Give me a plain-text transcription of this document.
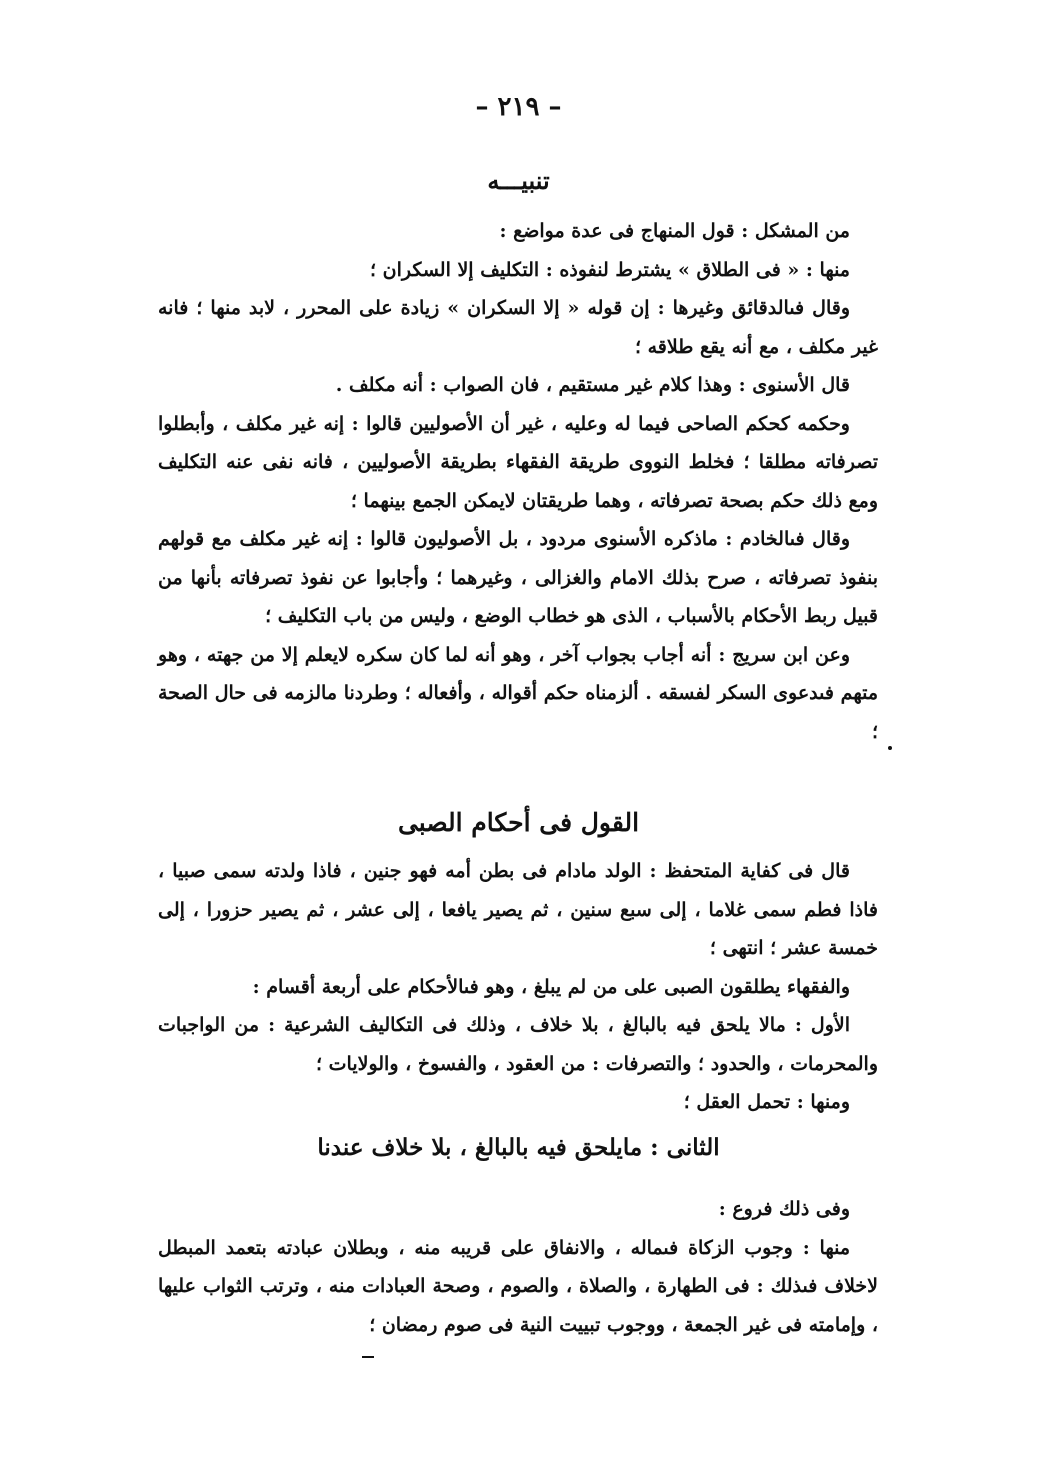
– ٢١٩ –
تنبيـــه

من المشكل : قول المنهاج فى عدة مواضع :

منها : « فى الطلاق » يشترط لنفوذه : التكليف إلا السكران ؛

وقال فىالدقائق وغيرها : إن قوله « إلا السكران » زيادة على المحرر ، لابد منها ؛ فانه غير مكلف ، مع أنه يقع طلاقه ؛

قال الأسنوى : وهذا كلام غير مستقيم ، فان الصواب : أنه مكلف .

وحكمه كحكم الصاحى فيما له وعليه ، غير أن الأصوليين قالوا : إنه غير مكلف ، وأبطلوا تصرفاته مطلقا ؛ فخلط النووى طريقة الفقهاء بطريقة الأصوليين ، فانه نفى عنه التكليف ومع ذلك حكم بصحة تصرفاته ، وهما طريقتان لايمكن الجمع بينهما ؛

وقال فىالخادم : ماذكره الأسنوى مردود ، بل الأصوليون قالوا : إنه غير مكلف مع قولهم بنفوذ تصرفاته ، صرح بذلك الامام والغزالى ، وغيرهما ؛ وأجابوا عن نفوذ تصرفاته بأنها من قبيل ربط الأحكام بالأسباب ، الذى هو خطاب الوضع ، وليس من باب التكليف ؛

وعن ابن سريج : أنه أجاب بجواب آخر ، وهو أنه لما كان سكره لايعلم إلا من جهته ، وهو متهم فىدعوى السكر لفسقه . ألزمناه حكم أقواله ، وأفعاله ؛ وطردنا مالزمه فى حال الصحة ؛

القول فى أحكام الصبى

قال فى كفاية المتحفظ : الولد مادام فى بطن أمه فهو جنين ، فاذا ولدته سمى صبيا ، فاذا فطم سمى غلاما ، إلى سبع سنين ، ثم يصير يافعا ، إلى عشر ، ثم يصير حزورا ، إلى خمسة عشر ؛ انتهى ؛

والفقهاء يطلقون الصبى على من لم يبلغ ، وهو فىالأحكام على أربعة أقسام :

الأول : مالا يلحق فيه بالبالغ ، بلا خلاف ، وذلك فى التكاليف الشرعية : من الواجبات والمحرمات ، والحدود ؛ والتصرفات : من العقود ، والفسوخ ، والولايات ؛

ومنها : تحمل العقل ؛

الثانى : مايلحق فيه بالبالغ ، بلا خلاف عندنا

وفى ذلك فروع :

منها : وجوب الزكاة فىماله ، والانفاق على قريبه منه ، وبطلان عبادته بتعمد المبطل لاخلاف فىذلك : فى الطهارة ، والصلاة ، والصوم ، وصحة العبادات منه ، وترتب الثواب عليها ، وإمامته فى غير الجمعة ، ووجوب تبييت النية فى صوم رمضان ؛
